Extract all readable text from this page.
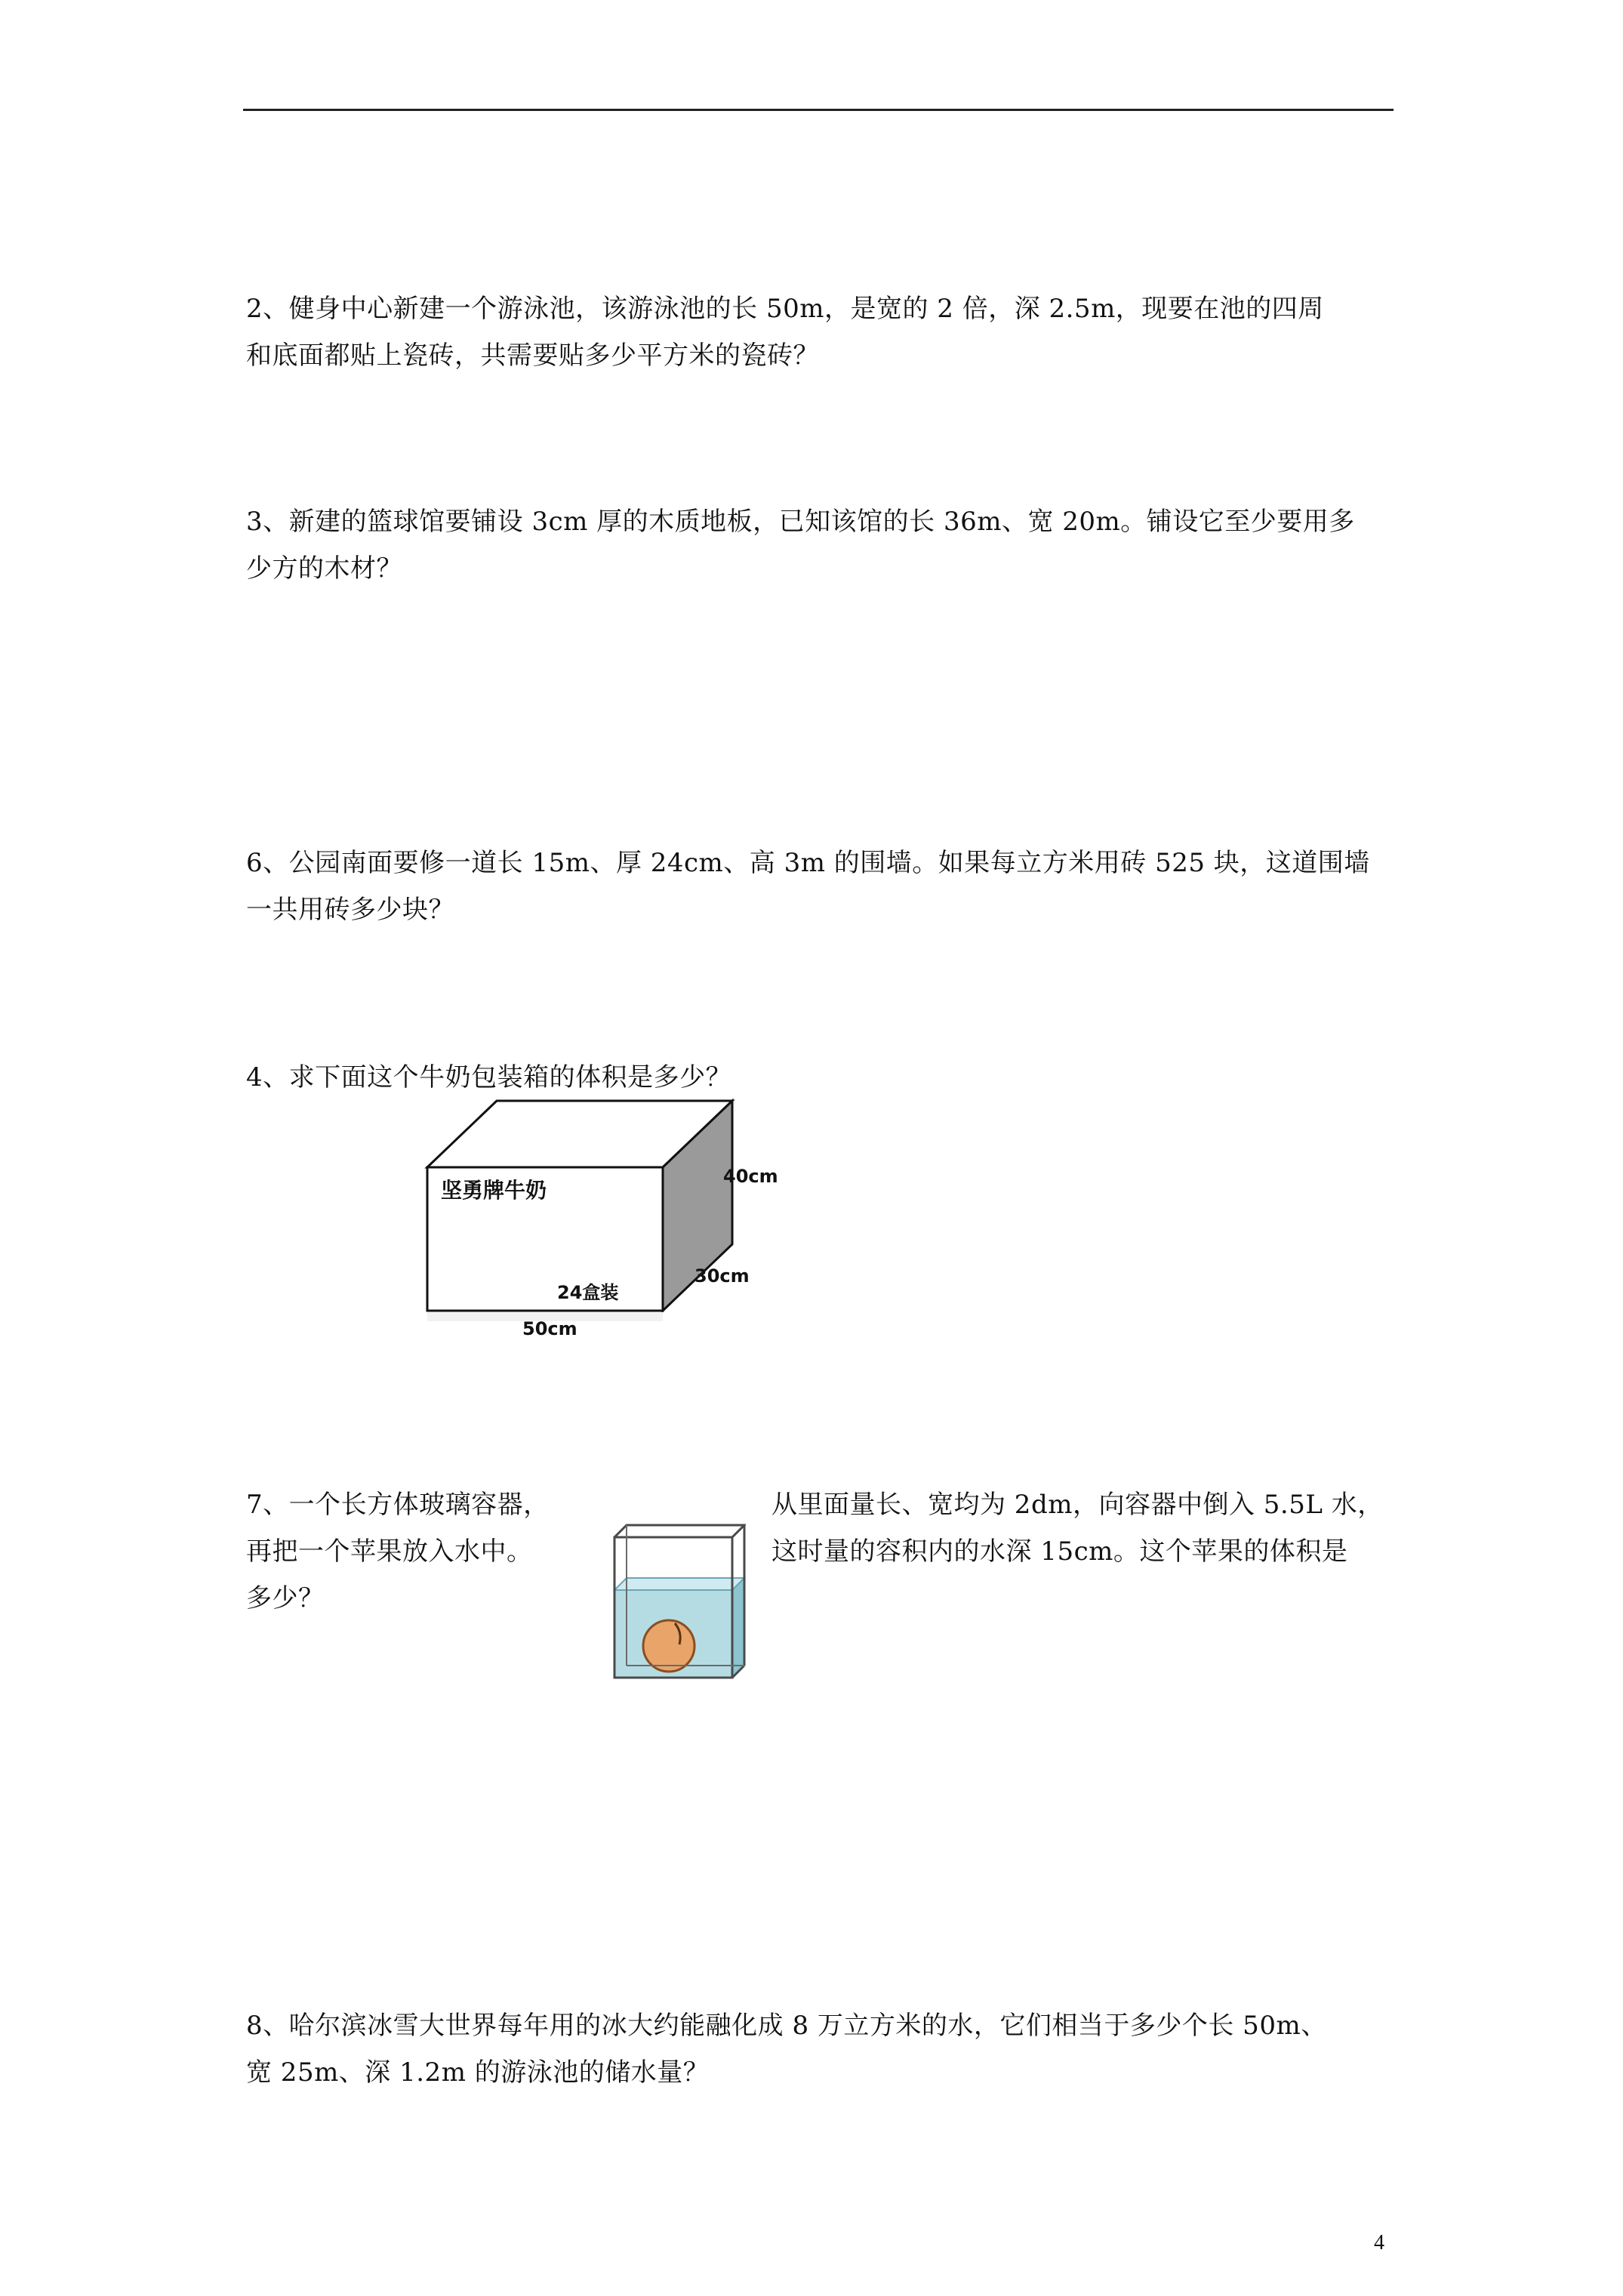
2、健身中心新建一个游泳池，该游泳池的长 50m，是宽的 2 倍，深 2.5m，现要在池的四周
和底面都贴上瓷砖，共需要贴多少平方米的瓷砖？
3、新建的篮球馆要铺设 3cm 厚的木质地板，已知该馆的长 36m、宽 20m。铺设它至少要用多
少方的木材？
6、公园南面要修一道长 15m、厚 24cm、高 3m 的围墙。如果每立方米用砖 525 块，这道围墙
一共用砖多少块？
4、求下面这个牛奶包装箱的体积是多少？
坚勇牌牛奶
24盒装
40cm
30cm
50cm
7、一个长方体玻璃容器，
再把一个苹果放入水中。
多少？
从里面量长、宽均为 2dm，向容器中倒入 5.5L 水，
这时量的容积内的水深 15cm。这个苹果的体积是
8、哈尔滨冰雪大世界每年用的冰大约能融化成 8 万立方米的水，它们相当于多少个长 50m、
宽 25m、深 1.2m 的游泳池的储水量？
4
